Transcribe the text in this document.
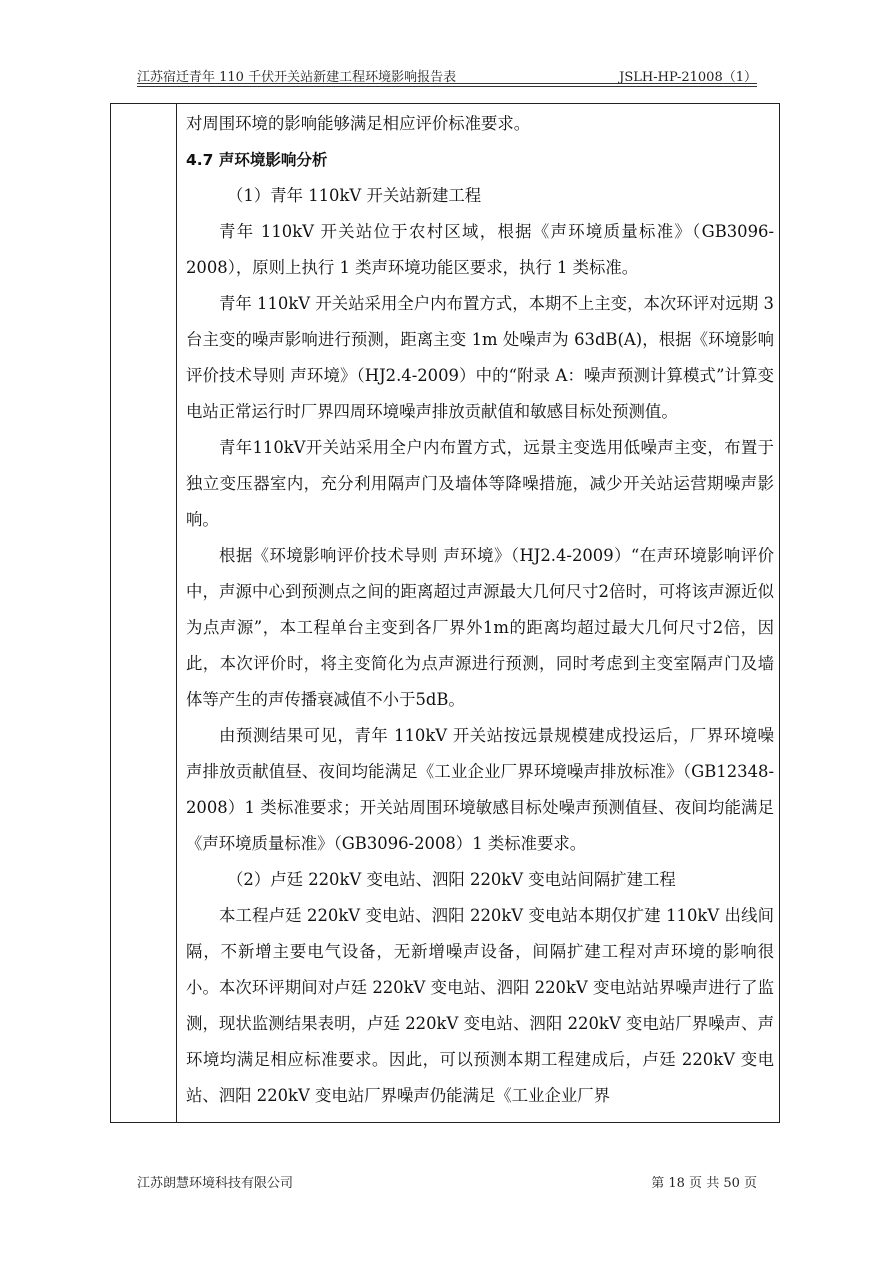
江苏宿迁青年 110 千伏开关站新建工程环境影响报告表	JSLH-HP-21008（1）

对周围环境的影响能够满足相应评价标准要求。

4.7 声环境影响分析

（1）青年 110kV 开关站新建工程

青年 110kV 开关站位于农村区域，根据《声环境质量标准》（GB3096-2008），原则上执行 1 类声环境功能区要求，执行 1 类标准。

青年 110kV 开关站采用全户内布置方式，本期不上主变，本次环评对远期 3 台主变的噪声影响进行预测，距离主变 1m 处噪声为 63dB(A)，根据《环境影响评价技术导则 声环境》（HJ2.4-2009）中的“附录 A：噪声预测计算模式”计算变电站正常运行时厂界四周环境噪声排放贡献值和敏感目标处预测值。

青年110kV开关站采用全户内布置方式，远景主变选用低噪声主变，布置于独立变压器室内，充分利用隔声门及墙体等降噪措施，减少开关站运营期噪声影响。

根据《环境影响评价技术导则 声环境》（HJ2.4-2009）“在声环境影响评价中，声源中心到预测点之间的距离超过声源最大几何尺寸2倍时，可将该声源近似为点声源”，本工程单台主变到各厂界外1m的距离均超过最大几何尺寸2倍，因此，本次评价时，将主变简化为点声源进行预测，同时考虑到主变室隔声门及墙体等产生的声传播衰减值不小于5dB。

由预测结果可见，青年 110kV 开关站按远景规模建成投运后，厂界环境噪声排放贡献值昼、夜间均能满足《工业企业厂界环境噪声排放标准》（GB12348-2008）1 类标准要求；开关站周围环境敏感目标处噪声预测值昼、夜间均能满足《声环境质量标准》（GB3096-2008）1 类标准要求。

（2）卢廷 220kV 变电站、泗阳 220kV 变电站间隔扩建工程

本工程卢廷 220kV 变电站、泗阳 220kV 变电站本期仅扩建 110kV 出线间隔，不新增主要电气设备，无新增噪声设备，间隔扩建工程对声环境的影响很小。本次环评期间对卢廷 220kV 变电站、泗阳 220kV 变电站站界噪声进行了监测，现状监测结果表明，卢廷 220kV 变电站、泗阳 220kV 变电站厂界噪声、声环境均满足相应标准要求。因此，可以预测本期工程建成后，卢廷 220kV 变电站、泗阳 220kV 变电站厂界噪声仍能满足《工业企业厂界

江苏朗慧环境科技有限公司	第 18 页 共 50 页
